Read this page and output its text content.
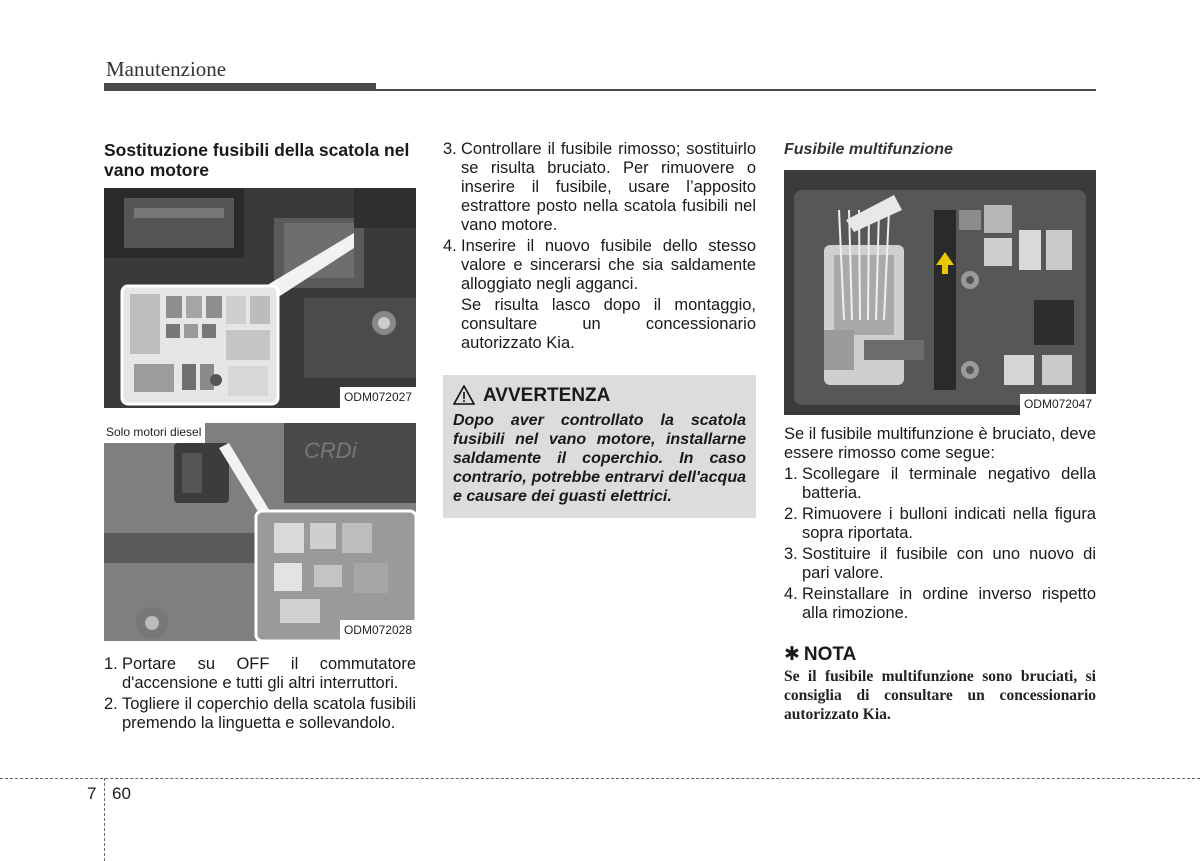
Manutenzione
Sostituzione fusibili della scatola nel vano motore
ODM072027
CRDi
Solo motori diesel
ODM072028
1. Portare su OFF il commutatore d'accensione e tutti gli altri interruttori.
2. Togliere il coperchio della scatola fusibili premendo la linguetta e sollevandolo.
3. Controllare il fusibile rimosso; sostituirlo se risulta bruciato. Per rimuovere o inserire il fusibile, usare l’apposito estrattore posto nella scatola fusibili nel vano motore.
4. Inserire il nuovo fusibile dello stesso valore e sincerarsi che sia saldamente alloggiato negli agganci.
Se risulta lasco dopo il montaggio, consultare un concessionario autorizzato Kia.
AVVERTENZA
Dopo aver controllato la scatola fusibili nel vano motore, installarne saldamente il coperchio. In caso contrario, potrebbe entrarvi dell'acqua e causare dei guasti elettrici.
Fusibile multifunzione
ODM072047
Se il fusibile multifunzione è bruciato, deve essere rimosso come segue:
1. Scollegare il terminale negativo della batteria.
2. Rimuovere i bulloni indicati nella figura sopra riportata.
3. Sostituire il fusibile con uno nuovo di pari valore.
4. Reinstallare in ordine inverso rispetto alla rimozione.
✱ NOTA
Se il fusibile multifunzione sono bruciati, si consiglia di consultare un concessionario autorizzato Kia.
7 60
